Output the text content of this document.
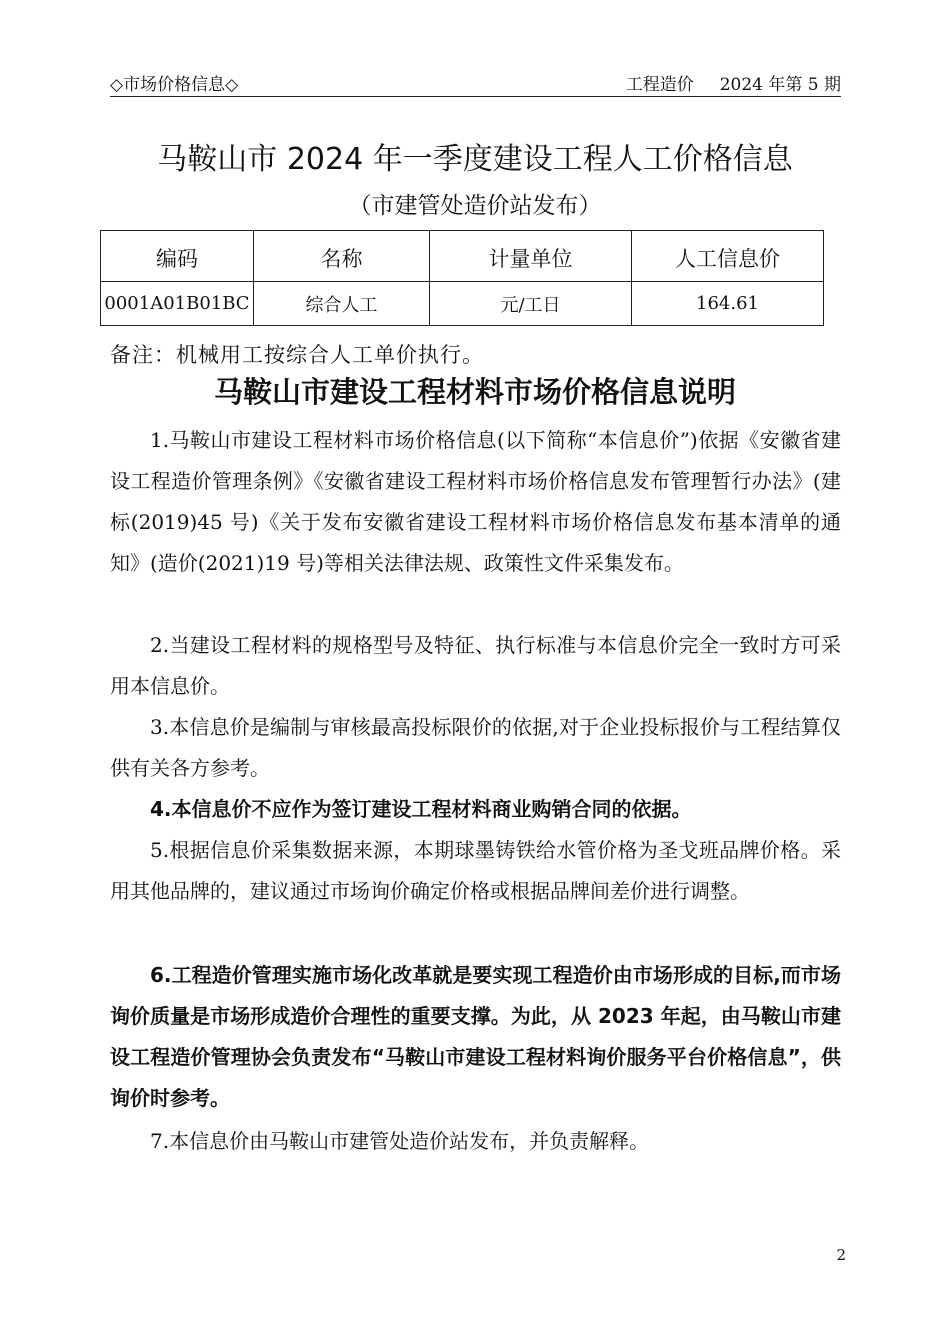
◇市场价格信息◇	工程造价 2024 年第 5 期
马鞍山市 2024 年一季度建设工程人工价格信息
（市建管处造价站发布）
编码	名称	计量单位	人工信息价
0001A01B01BC	综合人工	元/工日	164.61
备注：机械用工按综合人工单价执行。
马鞍山市建设工程材料市场价格信息说明

1.马鞍山市建设工程材料市场价格信息(以下简称“本信息价”)依据《安徽省建设工程造价管理条例》《安徽省建设工程材料市场价格信息发布管理暂行办法》(建标(2019)45 号)《关于发布安徽省建设工程材料市场价格信息发布基本清单的通知》(造价(2021)19 号)等相关法律法规、政策性文件采集发布。

2.当建设工程材料的规格型号及特征、执行标准与本信息价完全一致时方可采用本信息价。

3.本信息价是编制与审核最高投标限价的依据,对于企业投标报价与工程结算仅供有关各方参考。

4.本信息价不应作为签订建设工程材料商业购销合同的依据。

5.根据信息价采集数据来源，本期球墨铸铁给水管价格为圣戈班品牌价格。采用其他品牌的，建议通过市场询价确定价格或根据品牌间差价进行调整。

6.工程造价管理实施市场化改革就是要实现工程造价由市场形成的目标,而市场询价质量是市场形成造价合理性的重要支撑。为此，从 2023 年起，由马鞍山市建设工程造价管理协会负责发布“马鞍山市建设工程材料询价服务平台价格信息”，供询价时参考。

7.本信息价由马鞍山市建管处造价站发布，并负责解释。

2
